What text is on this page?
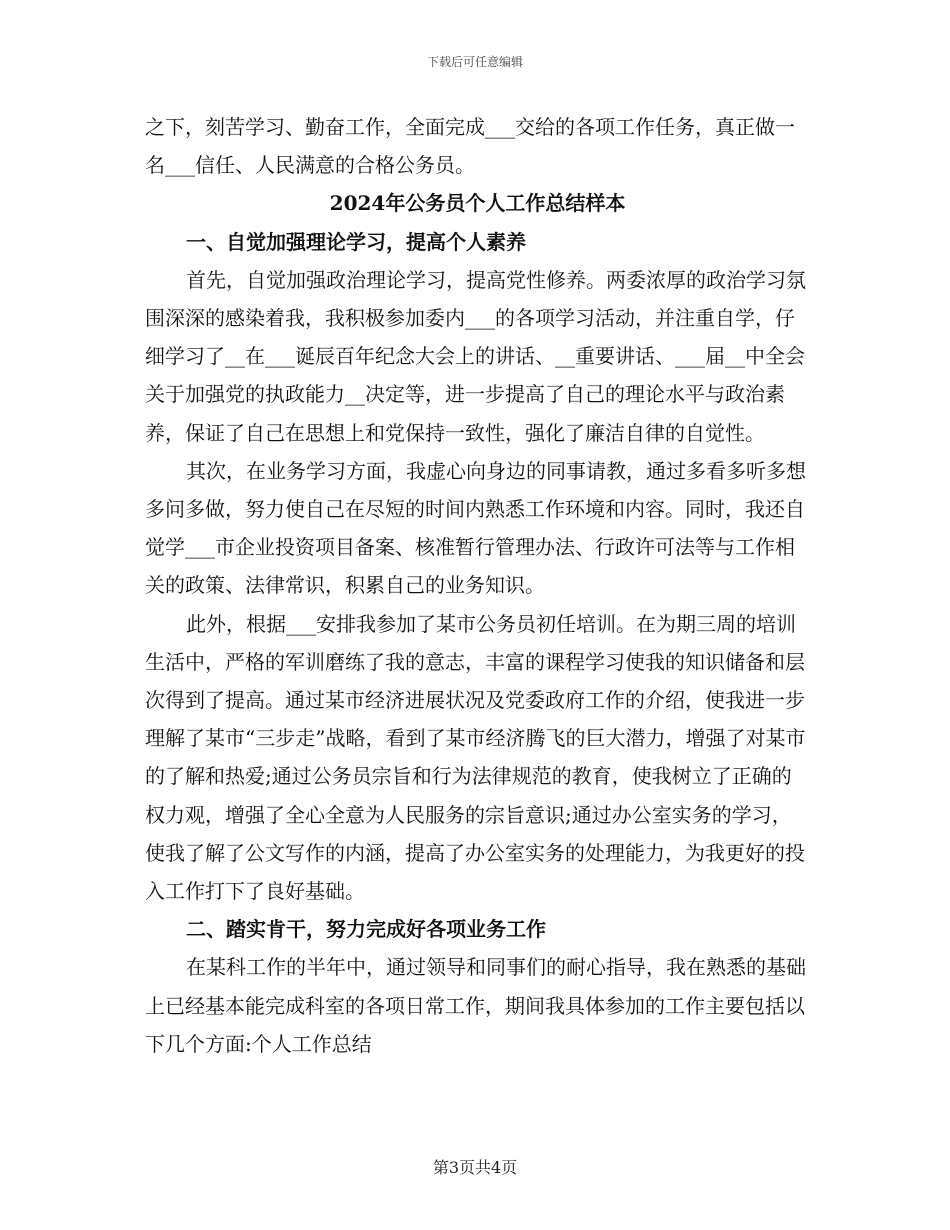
下载后可任意编辑

之下，刻苦学习、勤奋工作，全面完成___交给的各项工作任务，真正做一名___信任、人民满意的合格公务员。

2024年公务员个人工作总结样本

一、自觉加强理论学习，提高个人素养

首先，自觉加强政治理论学习，提高党性修养。两委浓厚的政治学习氛围深深的感染着我，我积极参加委内___的各项学习活动，并注重自学，仔细学习了__在___诞辰百年纪念大会上的讲话、__重要讲话、___届__中全会关于加强党的执政能力__决定等，进一步提高了自己的理论水平与政治素养，保证了自己在思想上和党保持一致性，强化了廉洁自律的自觉性。

其次，在业务学习方面，我虚心向身边的同事请教，通过多看多听多想多问多做，努力使自己在尽短的时间内熟悉工作环境和内容。同时，我还自觉学___市企业投资项目备案、核准暂行管理办法、行政许可法等与工作相关的政策、法律常识，积累自己的业务知识。

此外，根据___安排我参加了某市公务员初任培训。在为期三周的培训生活中，严格的军训磨练了我的意志，丰富的课程学习使我的知识储备和层次得到了提高。通过某市经济进展状况及党委政府工作的介绍，使我进一步理解了某市“三步走”战略，看到了某市经济腾飞的巨大潜力，增强了对某市的了解和热爱;通过公务员宗旨和行为法律规范的教育，使我树立了正确的权力观，增强了全心全意为人民服务的宗旨意识;通过办公室实务的学习，使我了解了公文写作的内涵，提高了办公室实务的处理能力，为我更好的投入工作打下了良好基础。

二、踏实肯干，努力完成好各项业务工作

在某科工作的半年中，通过领导和同事们的耐心指导，我在熟悉的基础上已经基本能完成科室的各项日常工作，期间我具体参加的工作主要包括以下几个方面:个人工作总结

第3页共4页
